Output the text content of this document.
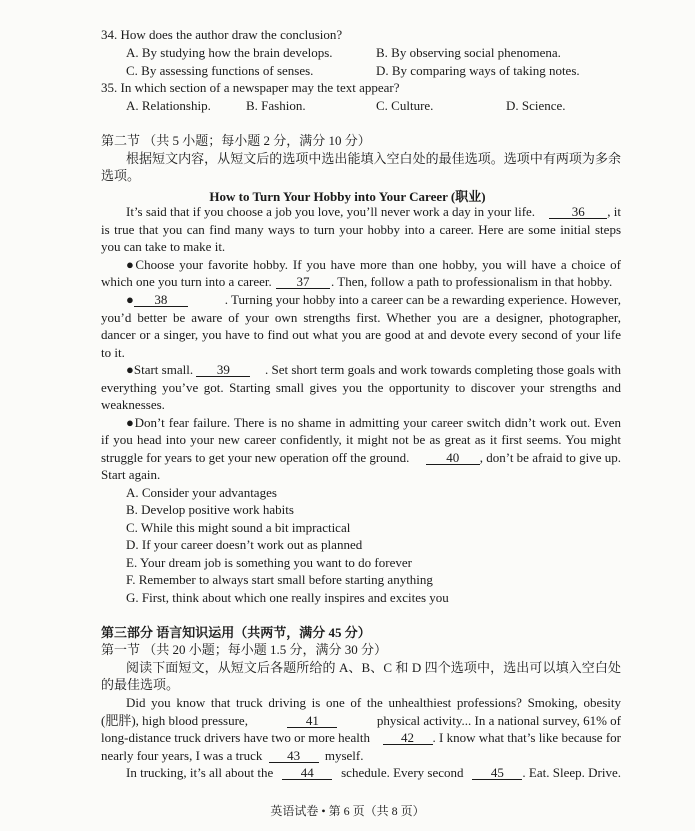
34. How does the author draw the conclusion?
A. By studying how the brain develops.	B. By observing social phenomena.
C. By assessing functions of senses.	D. By comparing ways of taking notes.
35. In which section of a newspaper may the text appear?
A. Relationship.	B. Fashion.	C. Culture.	D. Science.
第二节 （共 5 小题；每小题 2 分，满分 10 分）
根据短文内容，从短文后的选项中选出能填入空白处的最佳选项。选项中有两项为多余
选项。
How to Turn Your Hobby into Your Career (职业)
It’s said that if you choose a job you love, you’ll never work a day in your life.	36 , it
is true that you can find many ways to turn your hobby into a career. Here are some initial steps
you can take to make it.
●Choose your favorite hobby. If you have more than one hobby, you will have a choice of
which one you turn into a career. 37 . Then, follow a path to professionalism in that hobby.
● 38	. Turning your hobby into a career can be a rewarding experience. However,
you’d better be aware of your own strengths first. Whether you are a designer, photographer,
dancer or a singer, you have to find out what you are good at and devote every second of your life
to it.
●Start small. 39	. Set short term goals and work towards completing those goals with
everything you’ve got. Starting small gives you the opportunity to discover your strengths and
weaknesses.
●Don’t fear failure. There is no shame in admitting your career switch didn’t work out. Even
if you head into your new career confidently, it might not be as great as it first seems. You might
struggle for years to get your new operation off the ground.	40 , don’t be afraid to give up.
Start again.
A. Consider your advantages
B. Develop positive work habits
C. While this might sound a bit impractical
D. If your career doesn’t work out as planned
E. Your dream job is something you want to do forever
F. Remember to always start small before starting anything
G. First, think about which one really inspires and excites you
第三部分 语言知识运用（共两节，满分 45 分）
第一节 （共 20 小题；每小题 1.5 分，满分 30 分）
阅读下面短文，从短文后各题所给的 A、B、C 和 D 四个选项中，选出可以填入空白处
的最佳选项。
Did you know that truck driving is one of the unhealthiest professions? Smoking, obesity
(肥胖), high blood pressure,	41	physical activity... In a national survey, 61% of
long-distance truck drivers have two or more health	42 . I know what that’s like because for
nearly four years, I was a truck 43 myself.
In trucking, it’s all about the	44	schedule. Every second	45 . Eat. Sleep. Drive.
英语试卷 • 第 6 页（共 8 页）
